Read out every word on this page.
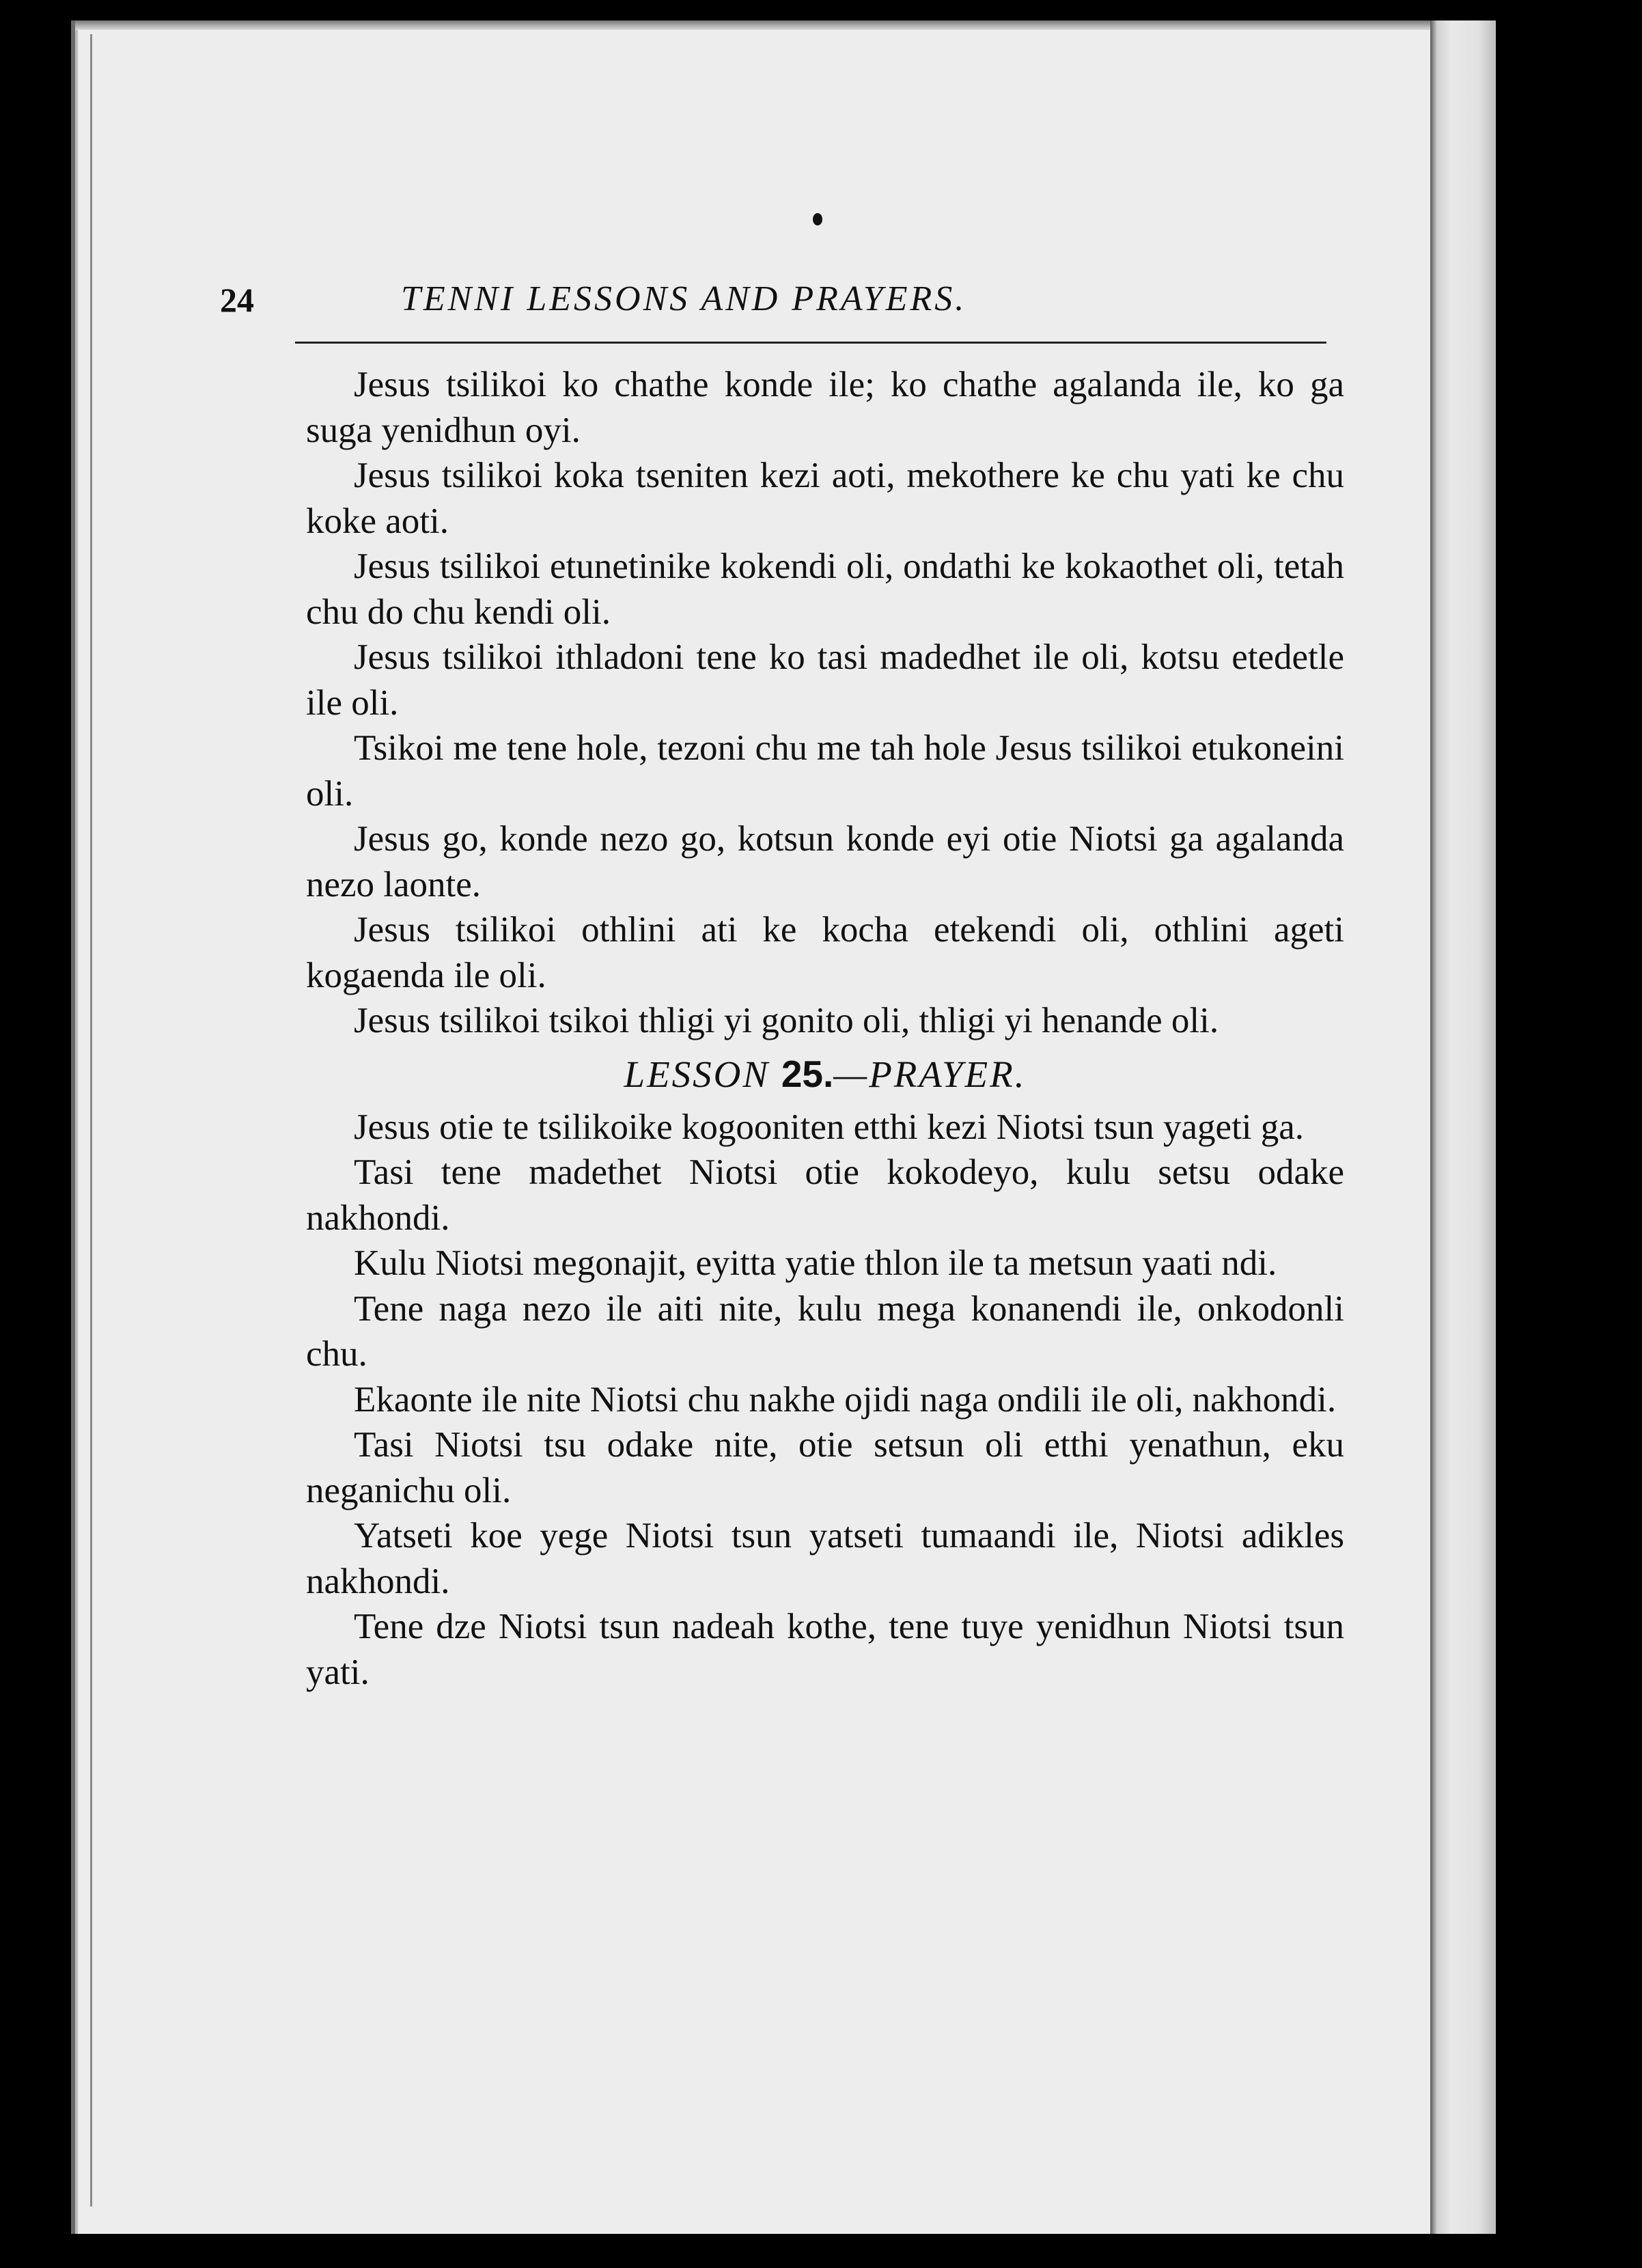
24	TENNI LESSONS AND PRAYERS.

Jesus tsilikoi ko chathe konde ile; ko chathe agalanda ile, ko ga suga yenidhun oyi.

Jesus tsilikoi koka tseniten kezi aoti, mekothere ke chu yati ke chu koke aoti.

Jesus tsilikoi etunetinike kokendi oli, ondathi ke kokaothet oli, tetah chu do chu kendi oli.

Jesus tsilikoi ithladoni tene ko tasi madedhet ile oli, kotsu etedetle ile oli.

Tsikoi me tene hole, tezoni chu me tah hole Jesus tsilikoi etukoneini oli.

Jesus go, konde nezo go, kotsun konde eyi otie Niotsi ga agalanda nezo laonte.

Jesus tsilikoi othlini ati ke kocha etekendi oli, othlini ageti kogaenda ile oli.

Jesus tsilikoi tsikoi thligi yi gonito oli, thligi yi henande oli.

LESSON 25.—PRAYER.

Jesus otie te tsilikoike kogooniten etthi kezi Niotsi tsun yageti ga.

Tasi tene madethet Niotsi otie kokodeyo, kulu setsu odake nakhondi.

Kulu Niotsi megonajit, eyitta yatie thlon ile ta metsun yaati ndi.

Tene naga nezo ile aiti nite, kulu mega konanendi ile, onkodonli chu.

Ekaonte ile nite Niotsi chu nakhe ojidi naga ondili ile oli, nakhondi.

Tasi Niotsi tsu odake nite, otie setsun oli etthi yenathun, eku neganichu oli.

Yatseti koe yege Niotsi tsun yatseti tumaandi ile, Niotsi adikles nakhondi.

Tene dze Niotsi tsun nadeah kothe, tene tuye yenidhun Niotsi tsun yati.
